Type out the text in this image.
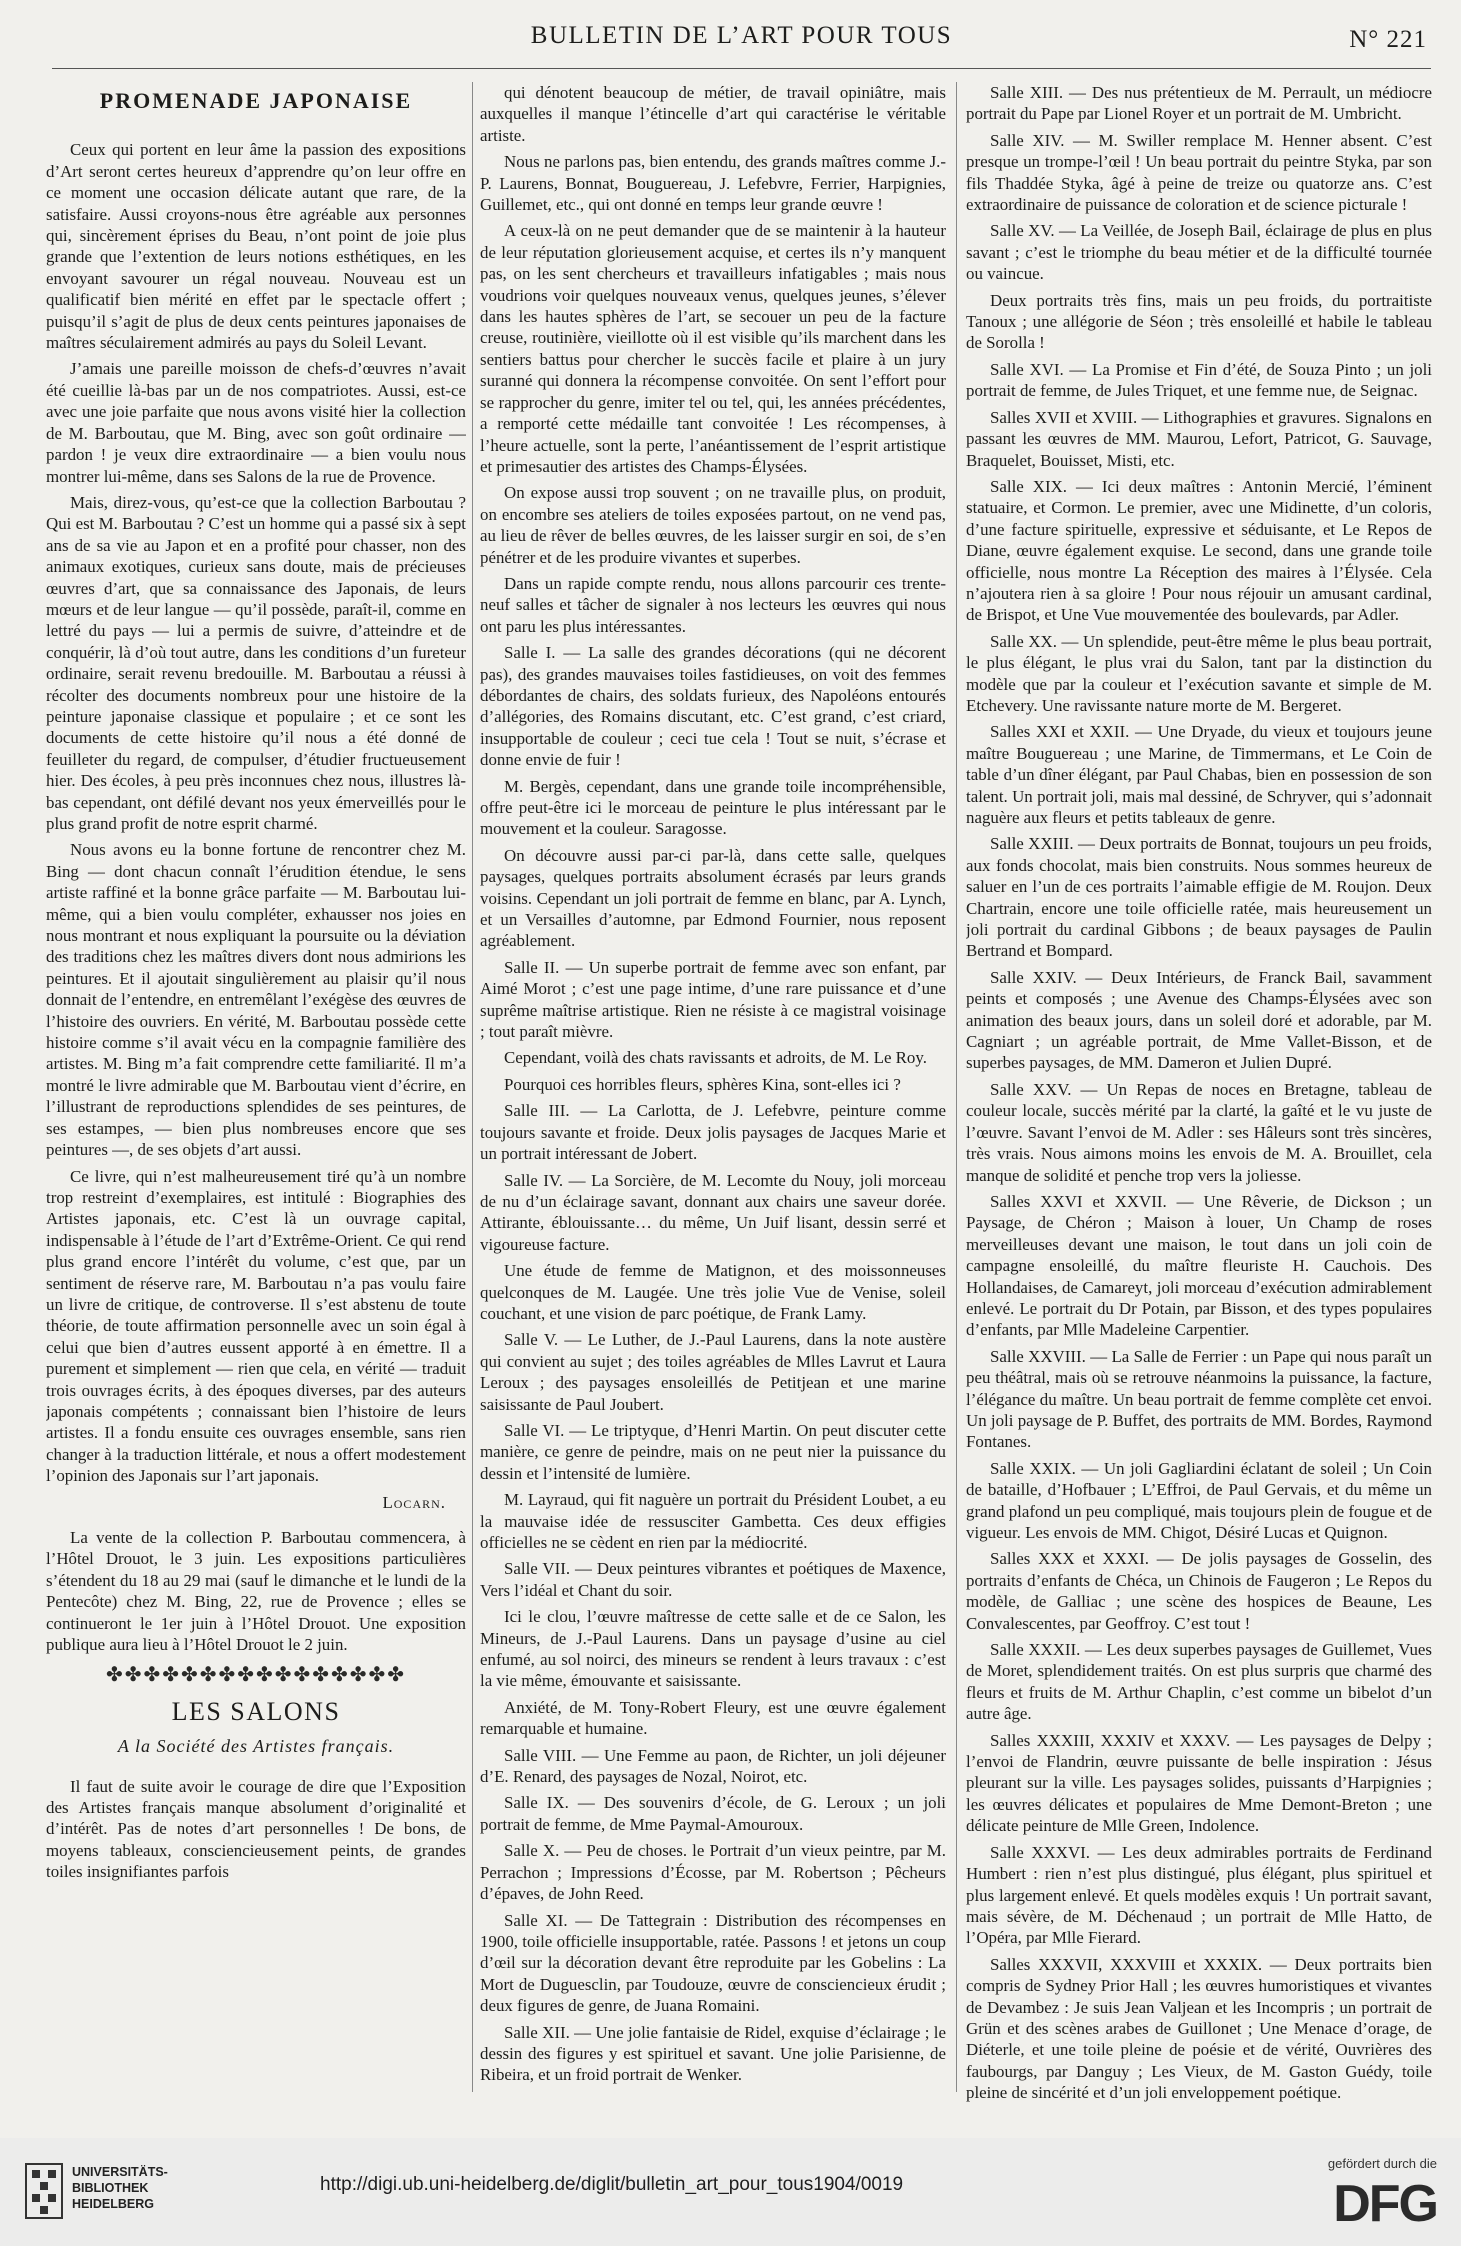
BULLETIN DE L’ART POUR TOUS	N° 221
PROMENADE JAPONAISE

Ceux qui portent en leur âme la passion des expositions d’Art seront certes heureux d’apprendre qu’on leur offre en ce moment une occasion délicate autant que rare, de la satisfaire. Aussi croyons-nous être agréable aux personnes qui, sincèrement éprises du Beau, n’ont point de joie plus grande que l’extention de leurs notions esthétiques, en les envoyant savourer un régal nouveau. Nouveau est un qualificatif bien mérité en effet par le spectacle offert ; puisqu’il s’agit de plus de deux cents peintures japonaises de maîtres séculairement admirés au pays du Soleil Levant.

J’amais une pareille moisson de chefs-d’œuvres n’avait été cueillie là-bas par un de nos compatriotes. Aussi, est-ce avec une joie parfaite que nous avons visité hier la collection de M. Barboutau, que M. Bing, avec son goût ordinaire — pardon ! je veux dire extraordinaire — a bien voulu nous montrer lui-même, dans ses Salons de la rue de Provence.

Mais, direz-vous, qu’est-ce que la collection Barboutau ? Qui est M. Barboutau ? C’est un homme qui a passé six à sept ans de sa vie au Japon et en a profité pour chasser, non des animaux exotiques, curieux sans doute, mais de précieuses œuvres d’art, que sa connaissance des Japonais, de leurs mœurs et de leur langue — qu’il possède, paraît-il, comme en lettré du pays — lui a permis de suivre, d’atteindre et de conquérir, là d’où tout autre, dans les conditions d’un fureteur ordinaire, serait revenu bredouille. M. Barboutau a réussi à récolter des documents nombreux pour une histoire de la peinture japonaise classique et populaire ; et ce sont les documents de cette histoire qu’il nous a été donné de feuilleter du regard, de compulser, d’étudier fructueusement hier. Des écoles, à peu près inconnues chez nous, illustres là-bas cependant, ont défilé devant nos yeux émerveillés pour le plus grand profit de notre esprit charmé.

Nous avons eu la bonne fortune de rencontrer chez M. Bing — dont chacun connaît l’érudition étendue, le sens artiste raffiné et la bonne grâce parfaite — M. Barboutau lui-même, qui a bien voulu compléter, exhausser nos joies en nous montrant et nous expliquant la poursuite ou la déviation des traditions chez les maîtres divers dont nous admirions les peintures. Et il ajoutait singulièrement au plaisir qu’il nous donnait de l’entendre, en entremêlant l’exégèse des œuvres de l’histoire des ouvriers. En vérité, M. Barboutau possède cette histoire comme s’il avait vécu en la compagnie familière des artistes. M. Bing m’a fait comprendre cette familiarité. Il m’a montré le livre admirable que M. Barboutau vient d’écrire, en l’illustrant de reproductions splendides de ses peintures, de ses estampes, — bien plus nombreuses encore que ses peintures —, de ses objets d’art aussi.

Ce livre, qui n’est malheureusement tiré qu’à un nombre trop restreint d’exemplaires, est intitulé : Biographies des Artistes japonais, etc. C’est là un ouvrage capital, indispensable à l’étude de l’art d’Extrême-Orient. Ce qui rend plus grand encore l’intérêt du volume, c’est que, par un sentiment de réserve rare, M. Barboutau n’a pas voulu faire un livre de critique, de controverse. Il s’est abstenu de toute théorie, de toute affirmation personnelle avec un soin égal à celui que bien d’autres eussent apporté à en émettre. Il a purement et simplement — rien que cela, en vérité — traduit trois ouvrages écrits, à des époques diverses, par des auteurs japonais compétents ; connaissant bien l’histoire de leurs artistes. Il a fondu ensuite ces ouvrages ensemble, sans rien changer à la traduction littérale, et nous a offert modestement l’opinion des Japonais sur l’art japonais.

Locarn.

La vente de la collection P. Barboutau commencera, à l’Hôtel Drouot, le 3 juin. Les expositions particulières s’étendent du 18 au 29 mai (sauf le dimanche et le lundi de la Pentecôte) chez M. Bing, 22, rue de Provence ; elles se continueront le 1er juin à l’Hôtel Drouot. Une exposition publique aura lieu à l’Hôtel Drouot le 2 juin.

✤✤✤✤✤✤✤✤✤✤✤✤✤✤✤✤
LES SALONS
A la Société des Artistes français.

Il faut de suite avoir le courage de dire que l’Exposition des Artistes français manque absolument d’originalité et d’intérêt. Pas de notes d’art personnelles ! De bons, de moyens tableaux, consciencieusement peints, de grandes toiles insignifiantes parfois

qui dénotent beaucoup de métier, de travail opiniâtre, mais auxquelles il manque l’étincelle d’art qui caractérise le véritable artiste.

Nous ne parlons pas, bien entendu, des grands maîtres comme J.-P. Laurens, Bonnat, Bouguereau, J. Lefebvre, Ferrier, Harpignies, Guillemet, etc., qui ont donné en temps leur grande œuvre !

A ceux-là on ne peut demander que de se maintenir à la hauteur de leur réputation glorieusement acquise, et certes ils n’y manquent pas, on les sent chercheurs et travailleurs infatigables ; mais nous voudrions voir quelques nouveaux venus, quelques jeunes, s’élever dans les hautes sphères de l’art, se secouer un peu de la facture creuse, routinière, vieillotte où il est visible qu’ils marchent dans les sentiers battus pour chercher le succès facile et plaire à un jury suranné qui donnera la récompense convoitée. On sent l’effort pour se rapprocher du genre, imiter tel ou tel, qui, les années précédentes, a remporté cette médaille tant convoitée ! Les récompenses, à l’heure actuelle, sont la perte, l’anéantissement de l’esprit artistique et primesautier des artistes des Champs-Élysées.

On expose aussi trop souvent ; on ne travaille plus, on produit, on encombre ses ateliers de toiles exposées partout, on ne vend pas, au lieu de rêver de belles œuvres, de les laisser surgir en soi, de s’en pénétrer et de les produire vivantes et superbes.

Dans un rapide compte rendu, nous allons parcourir ces trente-neuf salles et tâcher de signaler à nos lecteurs les œuvres qui nous ont paru les plus intéressantes.

Salle I. — La salle des grandes décorations (qui ne décorent pas), des grandes mauvaises toiles fastidieuses, on voit des femmes débordantes de chairs, des soldats furieux, des Napoléons entourés d’allégories, des Romains discutant, etc. C’est grand, c’est criard, insupportable de couleur ; ceci tue cela ! Tout se nuit, s’écrase et donne envie de fuir !

M. Bergès, cependant, dans une grande toile incompréhensible, offre peut-être ici le morceau de peinture le plus intéressant par le mouvement et la couleur. Saragosse.

On découvre aussi par-ci par-là, dans cette salle, quelques paysages, quelques portraits absolument écrasés par leurs grands voisins. Cependant un joli portrait de femme en blanc, par A. Lynch, et un Versailles d’automne, par Edmond Fournier, nous reposent agréablement.

Salle II. — Un superbe portrait de femme avec son enfant, par Aimé Morot ; c’est une page intime, d’une rare puissance et d’une suprême maîtrise artistique. Rien ne résiste à ce magistral voisinage ; tout paraît mièvre.

Cependant, voilà des chats ravissants et adroits, de M. Le Roy.

Pourquoi ces horribles fleurs, sphères Kina, sont-elles ici ?

Salle III. — La Carlotta, de J. Lefebvre, peinture comme toujours savante et froide. Deux jolis paysages de Jacques Marie et un portrait intéressant de Jobert.

Salle IV. — La Sorcière, de M. Lecomte du Nouy, joli morceau de nu d’un éclairage savant, donnant aux chairs une saveur dorée. Attirante, éblouissante… du même, Un Juif lisant, dessin serré et vigoureuse facture.

Une étude de femme de Matignon, et des moissonneuses quelconques de M. Laugée. Une très jolie Vue de Venise, soleil couchant, et une vision de parc poétique, de Frank Lamy.

Salle V. — Le Luther, de J.-Paul Laurens, dans la note austère qui convient au sujet ; des toiles agréables de Mlles Lavrut et Laura Leroux ; des paysages ensoleillés de Petitjean et une marine saisissante de Paul Joubert.

Salle VI. — Le triptyque, d’Henri Martin. On peut discuter cette manière, ce genre de peindre, mais on ne peut nier la puissance du dessin et l’intensité de lumière.

M. Layraud, qui fit naguère un portrait du Président Loubet, a eu la mauvaise idée de ressusciter Gambetta. Ces deux effigies officielles ne se cèdent en rien par la médiocrité.

Salle VII. — Deux peintures vibrantes et poétiques de Maxence, Vers l’idéal et Chant du soir.

Ici le clou, l’œuvre maîtresse de cette salle et de ce Salon, les Mineurs, de J.-Paul Laurens. Dans un paysage d’usine au ciel enfumé, au sol noirci, des mineurs se rendent à leurs travaux : c’est la vie même, émouvante et saisissante.

Anxiété, de M. Tony-Robert Fleury, est une œuvre également remarquable et humaine.

Salle VIII. — Une Femme au paon, de Richter, un joli déjeuner d’E. Renard, des paysages de Nozal, Noirot, etc.

Salle IX. — Des souvenirs d’école, de G. Leroux ; un joli portrait de femme, de Mme Paymal-Amouroux.

Salle X. — Peu de choses. le Portrait d’un vieux peintre, par M. Perrachon ; Impressions d’Écosse, par M. Robertson ; Pêcheurs d’épaves, de John Reed.

Salle XI. — De Tattegrain : Distribution des récompenses en 1900, toile officielle insupportable, ratée. Passons ! et jetons un coup d’œil sur la décoration devant être reproduite par les Gobelins : La Mort de Duguesclin, par Toudouze, œuvre de consciencieux érudit ; deux figures de genre, de Juana Romaini.

Salle XII. — Une jolie fantaisie de Ridel, exquise d’éclairage ; le dessin des figures y est spirituel et savant. Une jolie Parisienne, de Ribeira, et un froid portrait de Wenker.

Salle XIII. — Des nus prétentieux de M. Perrault, un médiocre portrait du Pape par Lionel Royer et un portrait de M. Umbricht.

Salle XIV. — M. Swiller remplace M. Henner absent. C’est presque un trompe-l’œil ! Un beau portrait du peintre Styka, par son fils Thaddée Styka, âgé à peine de treize ou quatorze ans. C’est extraordinaire de puissance de coloration et de science picturale !

Salle XV. — La Veillée, de Joseph Bail, éclairage de plus en plus savant ; c’est le triomphe du beau métier et de la difficulté tournée ou vaincue.

Deux portraits très fins, mais un peu froids, du portraitiste Tanoux ; une allégorie de Séon ; très ensoleillé et habile le tableau de Sorolla !

Salle XVI. — La Promise et Fin d’été, de Souza Pinto ; un joli portrait de femme, de Jules Triquet, et une femme nue, de Seignac.

Salles XVII et XVIII. — Lithographies et gravures. Signalons en passant les œuvres de MM. Maurou, Lefort, Patricot, G. Sauvage, Braquelet, Bouisset, Misti, etc.

Salle XIX. — Ici deux maîtres : Antonin Mercié, l’éminent statuaire, et Cormon. Le premier, avec une Midinette, d’un coloris, d’une facture spirituelle, expressive et séduisante, et Le Repos de Diane, œuvre également exquise. Le second, dans une grande toile officielle, nous montre La Réception des maires à l’Élysée. Cela n’ajoutera rien à sa gloire ! Pour nous réjouir un amusant cardinal, de Brispot, et Une Vue mouvementée des boulevards, par Adler.

Salle XX. — Un splendide, peut-être même le plus beau portrait, le plus élégant, le plus vrai du Salon, tant par la distinction du modèle que par la couleur et l’exécution savante et simple de M. Etchevery. Une ravissante nature morte de M. Bergeret.

Salles XXI et XXII. — Une Dryade, du vieux et toujours jeune maître Bouguereau ; une Marine, de Timmermans, et Le Coin de table d’un dîner élégant, par Paul Chabas, bien en possession de son talent. Un portrait joli, mais mal dessiné, de Schryver, qui s’adonnait naguère aux fleurs et petits tableaux de genre.

Salle XXIII. — Deux portraits de Bonnat, toujours un peu froids, aux fonds chocolat, mais bien construits. Nous sommes heureux de saluer en l’un de ces portraits l’aimable effigie de M. Roujon. Deux Chartrain, encore une toile officielle ratée, mais heureusement un joli portrait du cardinal Gibbons ; de beaux paysages de Paulin Bertrand et Bompard.

Salle XXIV. — Deux Intérieurs, de Franck Bail, savamment peints et composés ; une Avenue des Champs-Élysées avec son animation des beaux jours, dans un soleil doré et adorable, par M. Cagniart ; un agréable portrait, de Mme Vallet-Bisson, et de superbes paysages, de MM. Dameron et Julien Dupré.

Salle XXV. — Un Repas de noces en Bretagne, tableau de couleur locale, succès mérité par la clarté, la gaîté et le vu juste de l’œuvre. Savant l’envoi de M. Adler : ses Hâleurs sont très sincères, très vrais. Nous aimons moins les envois de M. A. Brouillet, cela manque de solidité et penche trop vers la joliesse.

Salles XXVI et XXVII. — Une Rêverie, de Dickson ; un Paysage, de Chéron ; Maison à louer, Un Champ de roses merveilleuses devant une maison, le tout dans un joli coin de campagne ensoleillé, du maître fleuriste H. Cauchois. Des Hollandaises, de Camareyt, joli morceau d’exécution admirablement enlevé. Le portrait du Dr Potain, par Bisson, et des types populaires d’enfants, par Mlle Madeleine Carpentier.

Salle XXVIII. — La Salle de Ferrier : un Pape qui nous paraît un peu théâtral, mais où se retrouve néanmoins la puissance, la facture, l’élégance du maître. Un beau portrait de femme complète cet envoi. Un joli paysage de P. Buffet, des portraits de MM. Bordes, Raymond Fontanes.

Salle XXIX. — Un joli Gagliardini éclatant de soleil ; Un Coin de bataille, d’Hofbauer ; L’Effroi, de Paul Gervais, et du même un grand plafond un peu compliqué, mais toujours plein de fougue et de vigueur. Les envois de MM. Chigot, Désiré Lucas et Quignon.

Salles XXX et XXXI. — De jolis paysages de Gosselin, des portraits d’enfants de Chéca, un Chinois de Faugeron ; Le Repos du modèle, de Galliac ; une scène des hospices de Beaune, Les Convalescentes, par Geoffroy. C’est tout !

Salle XXXII. — Les deux superbes paysages de Guillemet, Vues de Moret, splendidement traités. On est plus surpris que charmé des fleurs et fruits de M. Arthur Chaplin, c’est comme un bibelot d’un autre âge.

Salles XXXIII, XXXIV et XXXV. — Les paysages de Delpy ; l’envoi de Flandrin, œuvre puissante de belle inspiration : Jésus pleurant sur la ville. Les paysages solides, puissants d’Harpignies ; les œuvres délicates et populaires de Mme Demont-Breton ; une délicate peinture de Mlle Green, Indolence.

Salle XXXVI. — Les deux admirables portraits de Ferdinand Humbert : rien n’est plus distingué, plus élégant, plus spirituel et plus largement enlevé. Et quels modèles exquis ! Un portrait savant, mais sévère, de M. Déchenaud ; un portrait de Mlle Hatto, de l’Opéra, par Mlle Fierard.

Salles XXXVII, XXXVIII et XXXIX. — Deux portraits bien compris de Sydney Prior Hall ; les œuvres humoristiques et vivantes de Devambez : Je suis Jean Valjean et les Incompris ; un portrait de Grün et des scènes arabes de Guillonet ; Une Menace d’orage, de Diéterle, et une toile pleine de poésie et de vérité, Ouvrières des faubourgs, par Danguy ; Les Vieux, de M. Gaston Guédy, toile pleine de sincérité et d’un joli enveloppement poétique.

UNIVERSITÄTS-
BIBLIOTHEK
HEIDELBERG
http://digi.ub.uni-heidelberg.de/diglit/bulletin_art_pour_tous1904/0019
gefördert durch die
DFG
